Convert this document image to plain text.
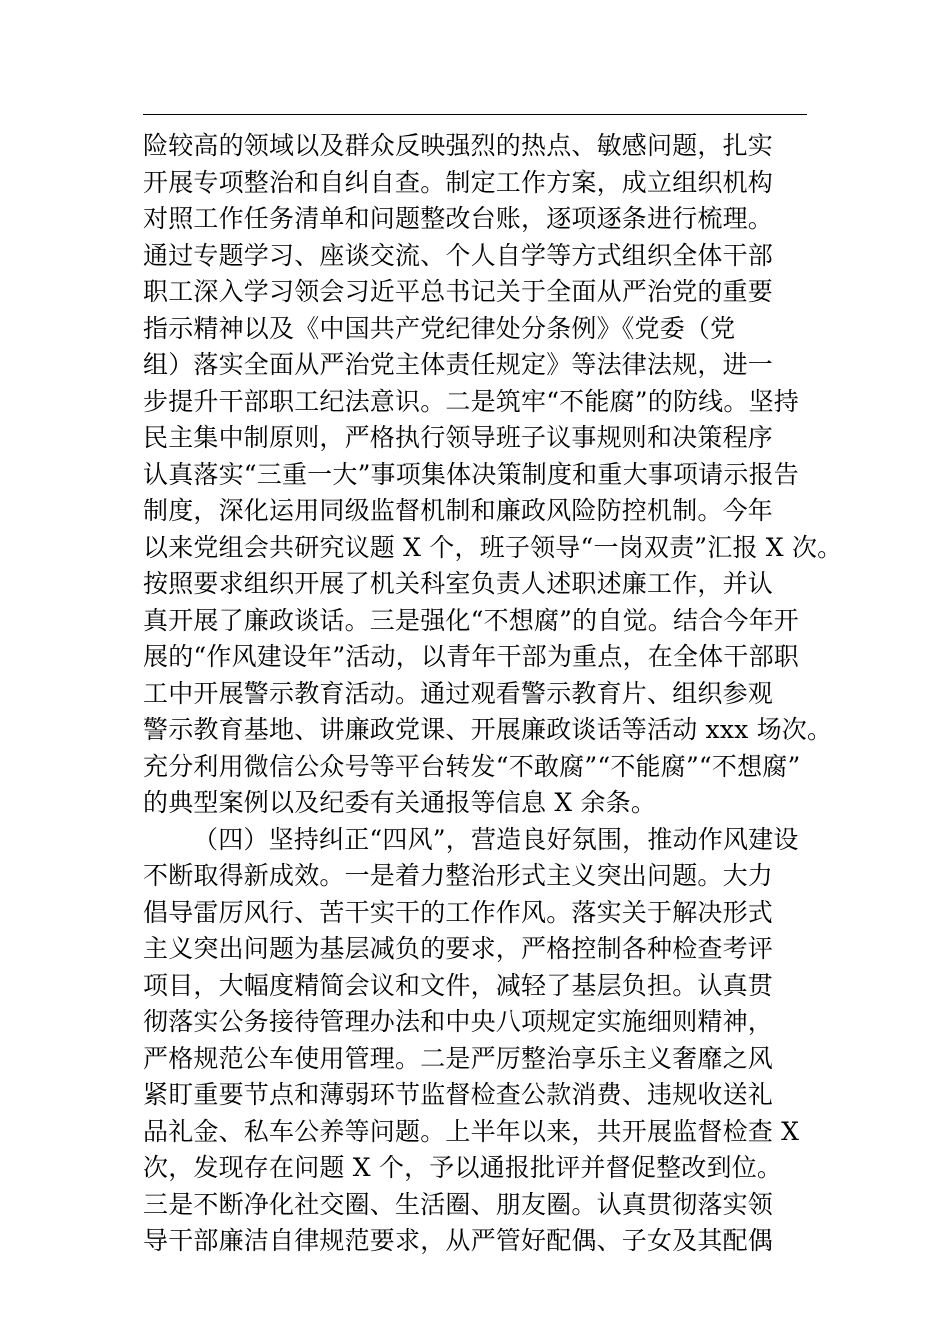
险较高的领域以及群众反映强烈的热点、敏感问题，扎实
开展专项整治和自纠自查。制定工作方案，成立组织机构
对照工作任务清单和问题整改台账，逐项逐条进行梳理。
通过专题学习、座谈交流、个人自学等方式组织全体干部
职工深入学习领会习近平总书记关于全面从严治党的重要
指示精神以及《中国共产党纪律处分条例》《党委（党
组）落实全面从严治党主体责任规定》等法律法规，进一
步提升干部职工纪法意识。二是筑牢“不能腐”的防线。坚持
民主集中制原则，严格执行领导班子议事规则和决策程序
认真落实“三重一大”事项集体决策制度和重大事项请示报告
制度，深化运用同级监督机制和廉政风险防控机制。今年
以来党组会共研究议题 X 个，班子领导“一岗双责”汇报 X 次。
按照要求组织开展了机关科室负责人述职述廉工作，并认
真开展了廉政谈话。三是强化“不想腐”的自觉。结合今年开
展的“作风建设年”活动，以青年干部为重点，在全体干部职
工中开展警示教育活动。通过观看警示教育片、组织参观
警示教育基地、讲廉政党课、开展廉政谈话等活动 xxx 场次。
充分利用微信公众号等平台转发“不敢腐”“不能腐”“不想腐”
的典型案例以及纪委有关通报等信息 X 余条。
（四）坚持纠正“四风”，营造良好氛围，推动作风建设
不断取得新成效。一是着力整治形式主义突出问题。大力
倡导雷厉风行、苦干实干的工作作风。落实关于解决形式
主义突出问题为基层减负的要求，严格控制各种检查考评
项目，大幅度精简会议和文件，减轻了基层负担。认真贯
彻落实公务接待管理办法和中央八项规定实施细则精神，
严格规范公车使用管理。二是严厉整治享乐主义奢靡之风
紧盯重要节点和薄弱环节监督检查公款消费、违规收送礼
品礼金、私车公养等问题。上半年以来，共开展监督检查 X
次，发现存在问题 X 个，予以通报批评并督促整改到位。
三是不断净化社交圈、生活圈、朋友圈。认真贯彻落实领
导干部廉洁自律规范要求，从严管好配偶、子女及其配偶
